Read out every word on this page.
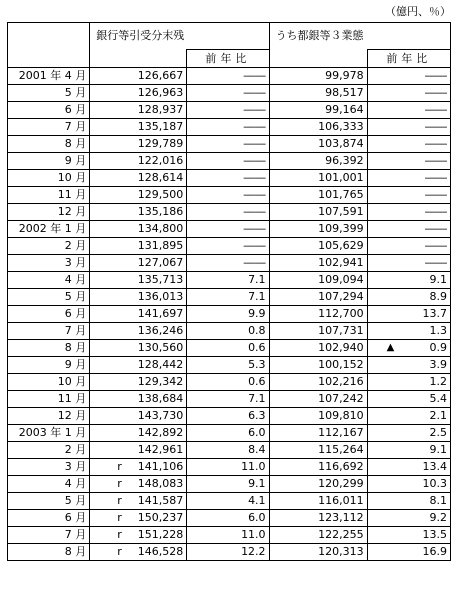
（億円、％）
	銀行等引受分末残		うち都銀等３業態	
		前年比		前年比
2001 年 4 月	126,667	――	99,978	――
5 月	126,963	――	98,517	――
6 月	128,937	――	99,164	――
7 月	135,187	――	106,333	――
8 月	129,789	――	103,874	――
9 月	122,016	――	96,392	――
10 月	128,614	――	101,001	――
11 月	129,500	――	101,765	――
12 月	135,186	――	107,591	――
2002 年 1 月	134,800	――	109,399	――
2 月	131,895	――	105,629	――
3 月	127,067	――	102,941	――
4 月	135,713	7.1	109,094	9.1
5 月	136,013	7.1	107,294	8.9
6 月	141,697	9.9	112,700	13.7
7 月	136,246	0.8	107,731	1.3
8 月	130,560	0.6	102,940	▲ 0.9
9 月	128,442	5.3	100,152	3.9
10 月	129,342	0.6	102,216	1.2
11 月	138,684	7.1	107,242	5.4
12 月	143,730	6.3	109,810	2.1
2003 年 1 月	142,892	6.0	112,167	2.5
2 月	142,961	8.4	115,264	9.1
3 月	r 141,106	11.0	116,692	13.4
4 月	r 148,083	9.1	120,299	10.3
5 月	r 141,587	4.1	116,011	8.1
6 月	r 150,237	6.0	123,112	9.2
7 月	r 151,228	11.0	122,255	13.5
8 月	r 146,528	12.2	120,313	16.9
